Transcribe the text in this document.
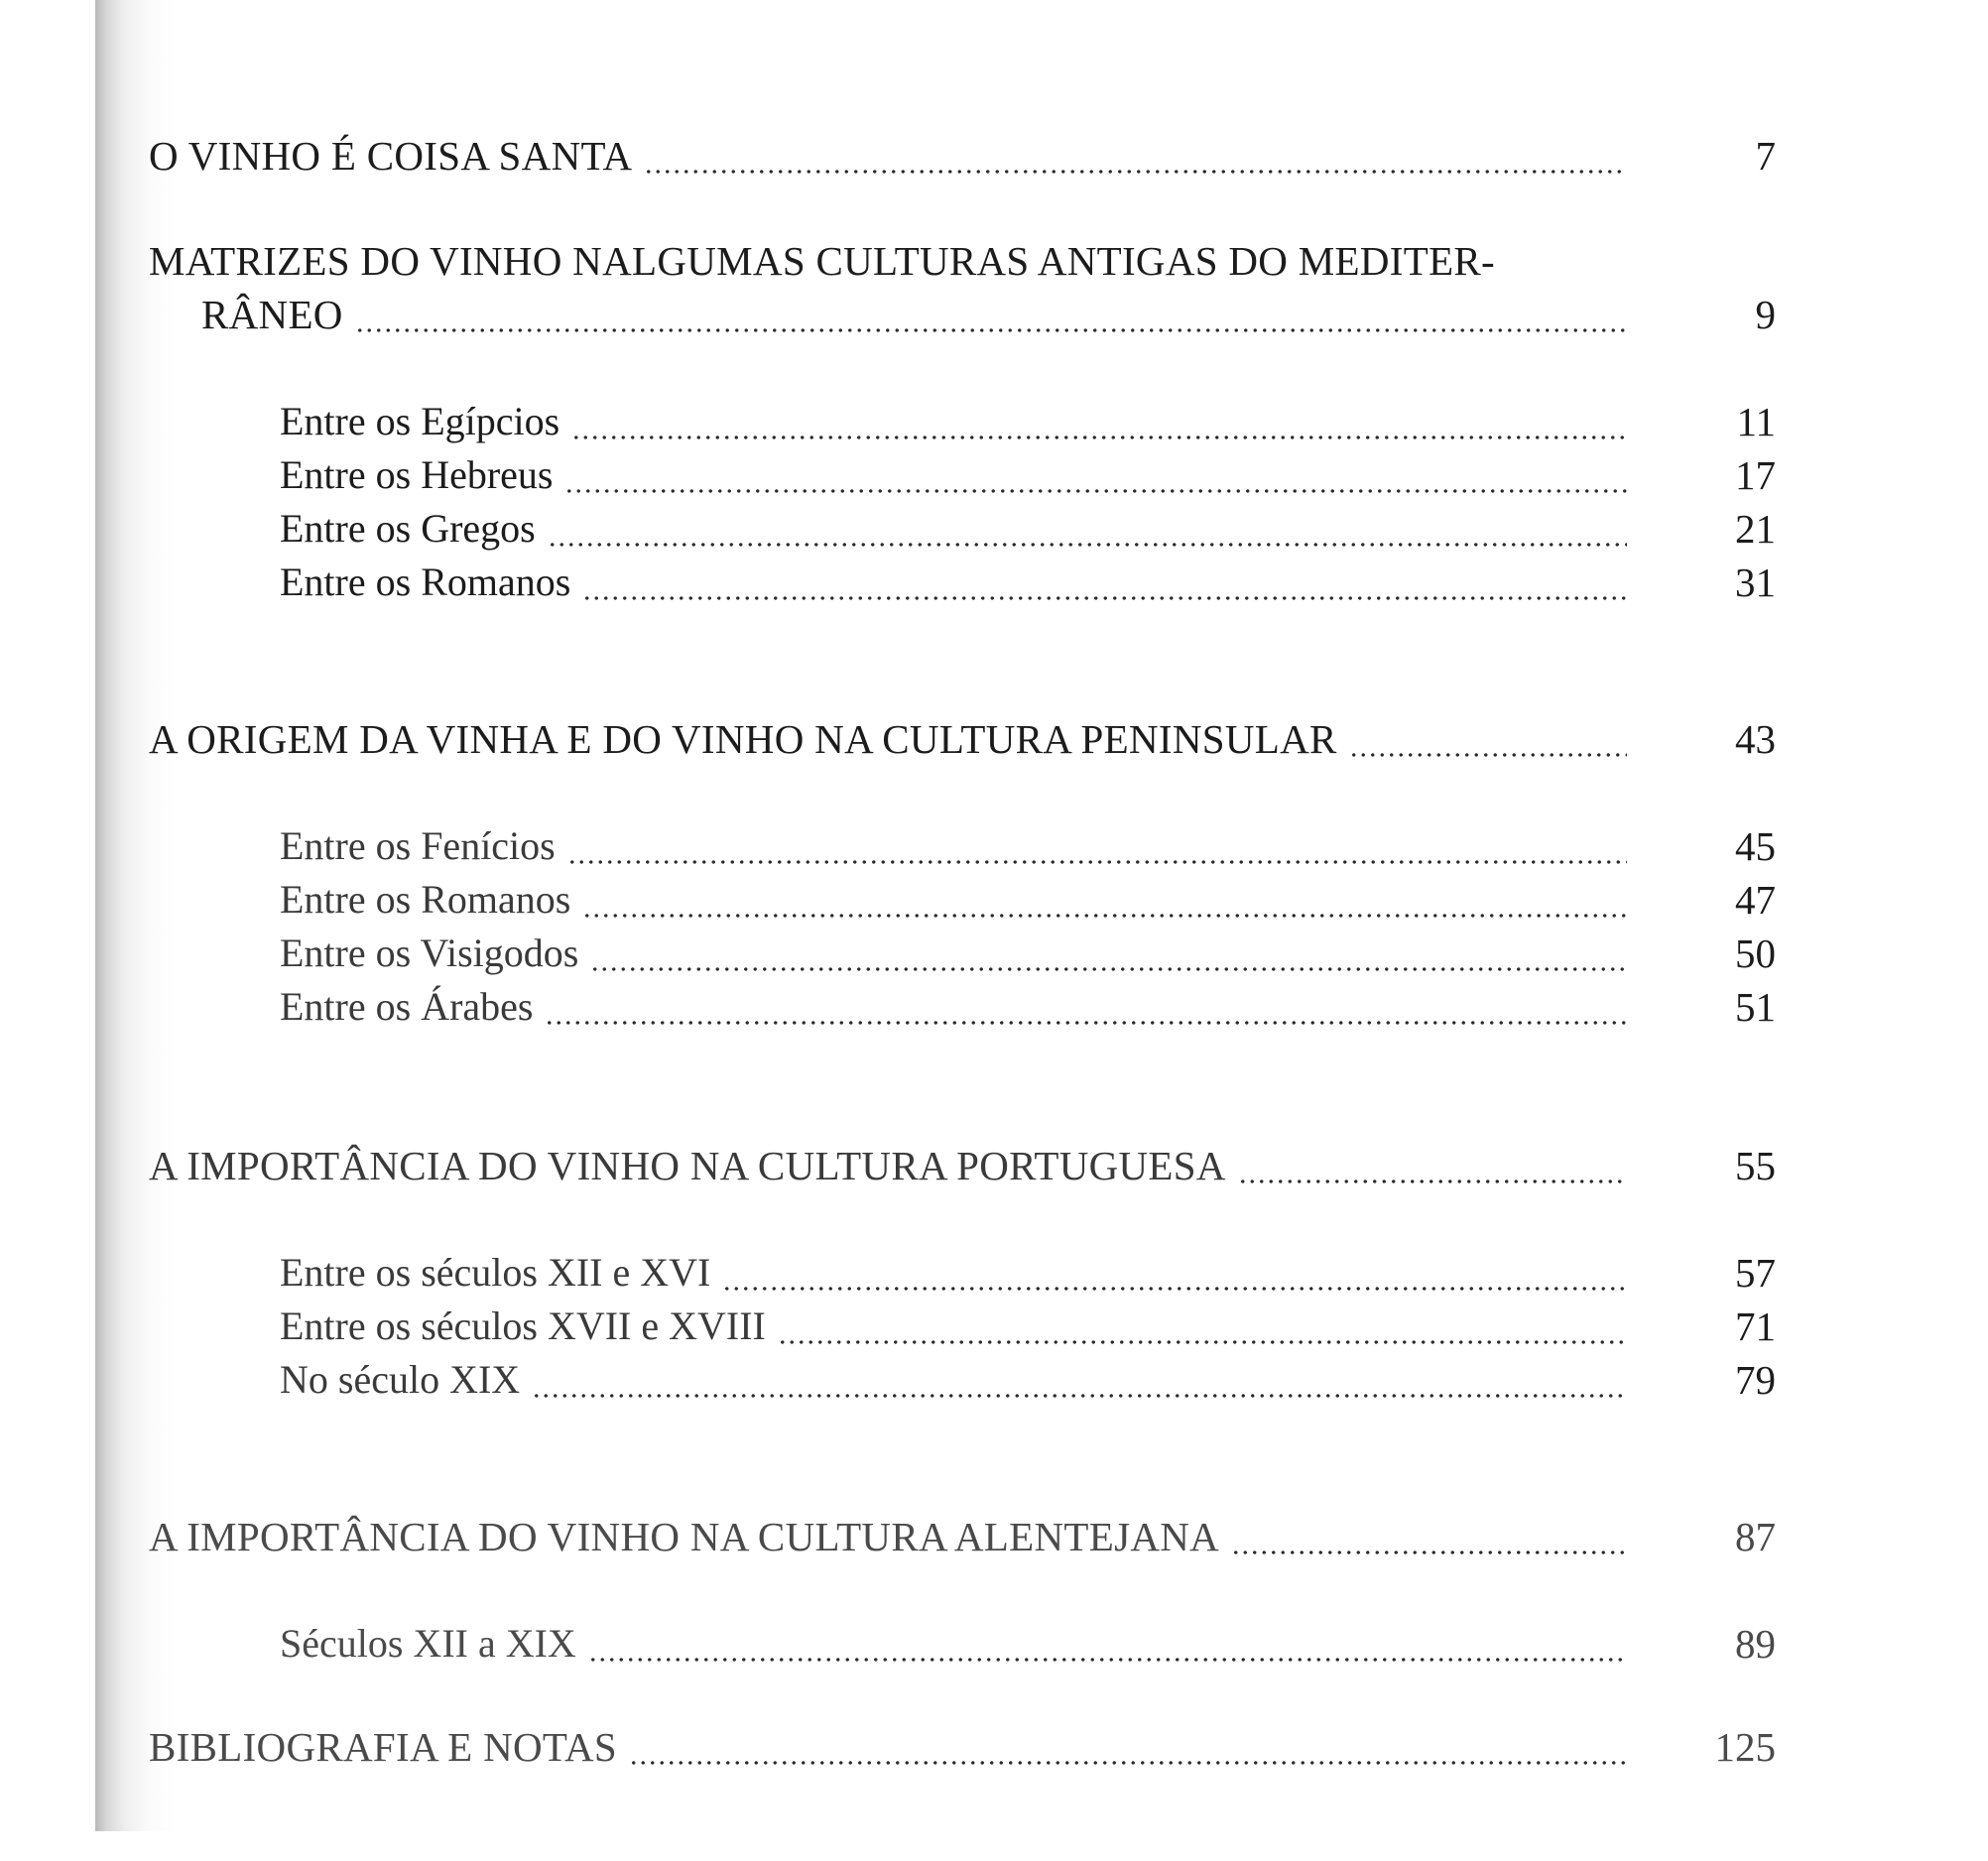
O VINHO É COISA SANTA	7
MATRIZES DO VINHO NALGUMAS CULTURAS ANTIGAS DO MEDITER-
RÂNEO	9
Entre os Egípcios	11
Entre os Hebreus	17
Entre os Gregos	21
Entre os Romanos	31
A ORIGEM DA VINHA E DO VINHO NA CULTURA PENINSULAR	43
Entre os Fenícios	45
Entre os Romanos	47
Entre os Visigodos	50
Entre os Árabes	51
A IMPORTÂNCIA DO VINHO NA CULTURA PORTUGUESA	55
Entre os séculos XII e XVI	57
Entre os séculos XVII e XVIII	71
No século XIX	79
A IMPORTÂNCIA DO VINHO NA CULTURA ALENTEJANA	87
Séculos XII a XIX	89
BIBLIOGRAFIA E NOTAS	125
